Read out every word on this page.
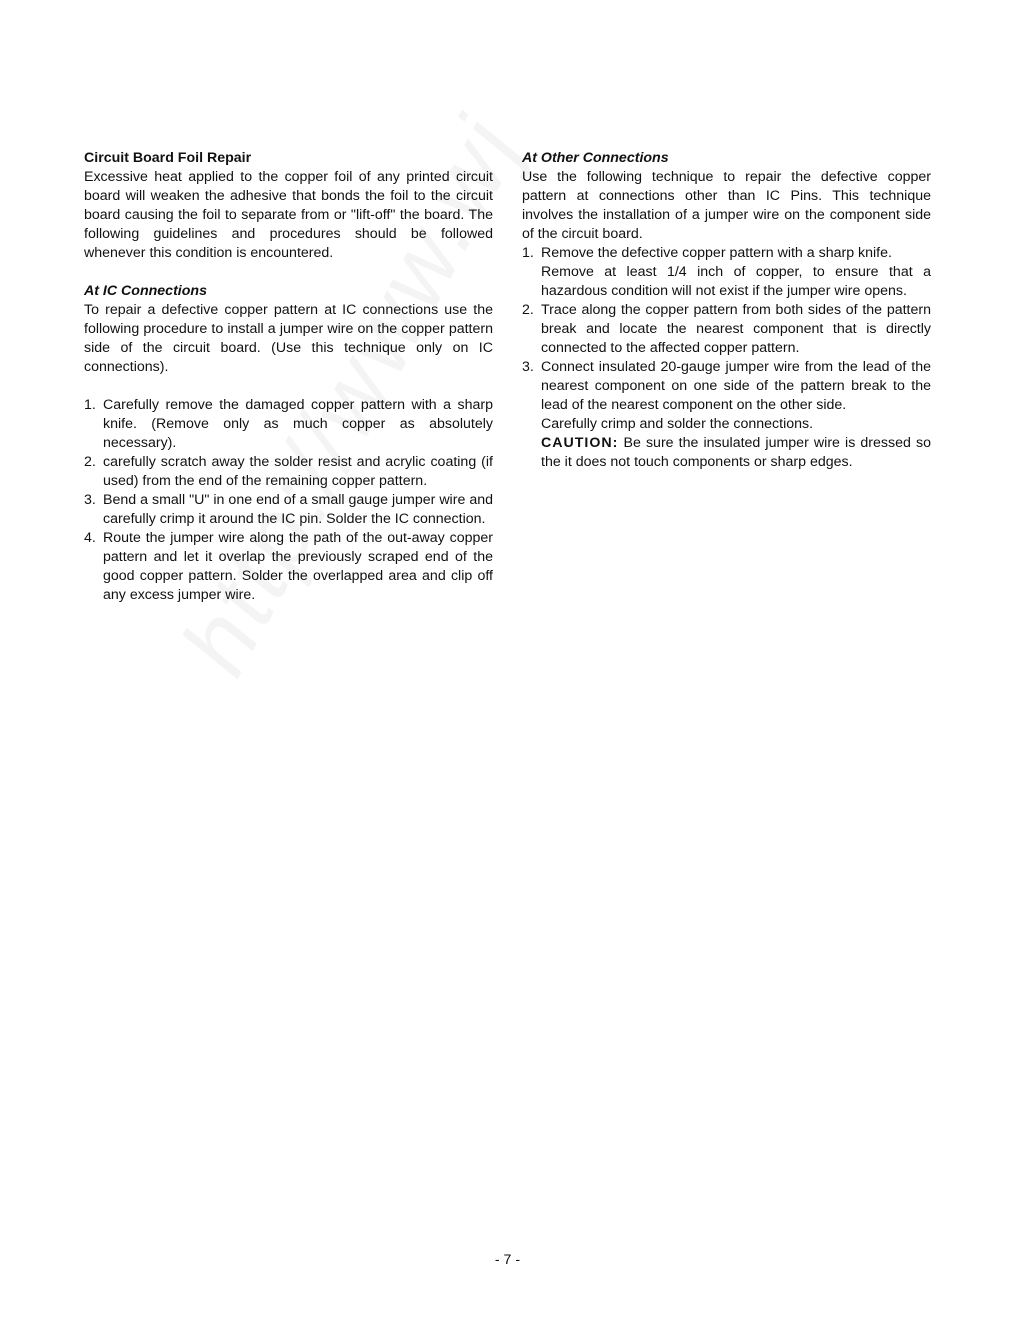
Circuit Board Foil Repair

Excessive heat applied to the copper foil of any printed circuit board will weaken the adhesive that bonds the foil to the circuit board causing the foil to separate from or "lift-off" the board. The following guidelines and procedures should be followed whenever this condition is encountered.

At IC Connections

To repair a defective copper pattern at IC connections use the following procedure to install a jumper wire on the copper pattern side of the circuit board. (Use this technique only on IC connections).

1. Carefully remove the damaged copper pattern with a sharp knife. (Remove only as much copper as absolutely necessary).
2. carefully scratch away the solder resist and acrylic coating (if used) from the end of the remaining copper pattern.
3. Bend a small "U" in one end of a small gauge jumper wire and carefully crimp it around the IC pin. Solder the IC connection.
4. Route the jumper wire along the path of the out-away copper pattern and let it overlap the previously scraped end of the good copper pattern. Solder the overlapped area and clip off any excess jumper wire.

At Other Connections

Use the following technique to repair the defective copper pattern at connections other than IC Pins. This technique involves the installation of a jumper wire on the component side of the circuit board.

1. Remove the defective copper pattern with a sharp knife.
Remove at least 1/4 inch of copper, to ensure that a hazardous condition will not exist if the jumper wire opens.
2. Trace along the copper pattern from both sides of the pattern break and locate the nearest component that is directly connected to the affected copper pattern.
3. Connect insulated 20-gauge jumper wire from the lead of the nearest component on one side of the pattern break to the lead of the nearest component on the other side.
Carefully crimp and solder the connections.
CAUTION: Be sure the insulated jumper wire is dressed so the it does not touch components or sharp edges.
- 7 -
